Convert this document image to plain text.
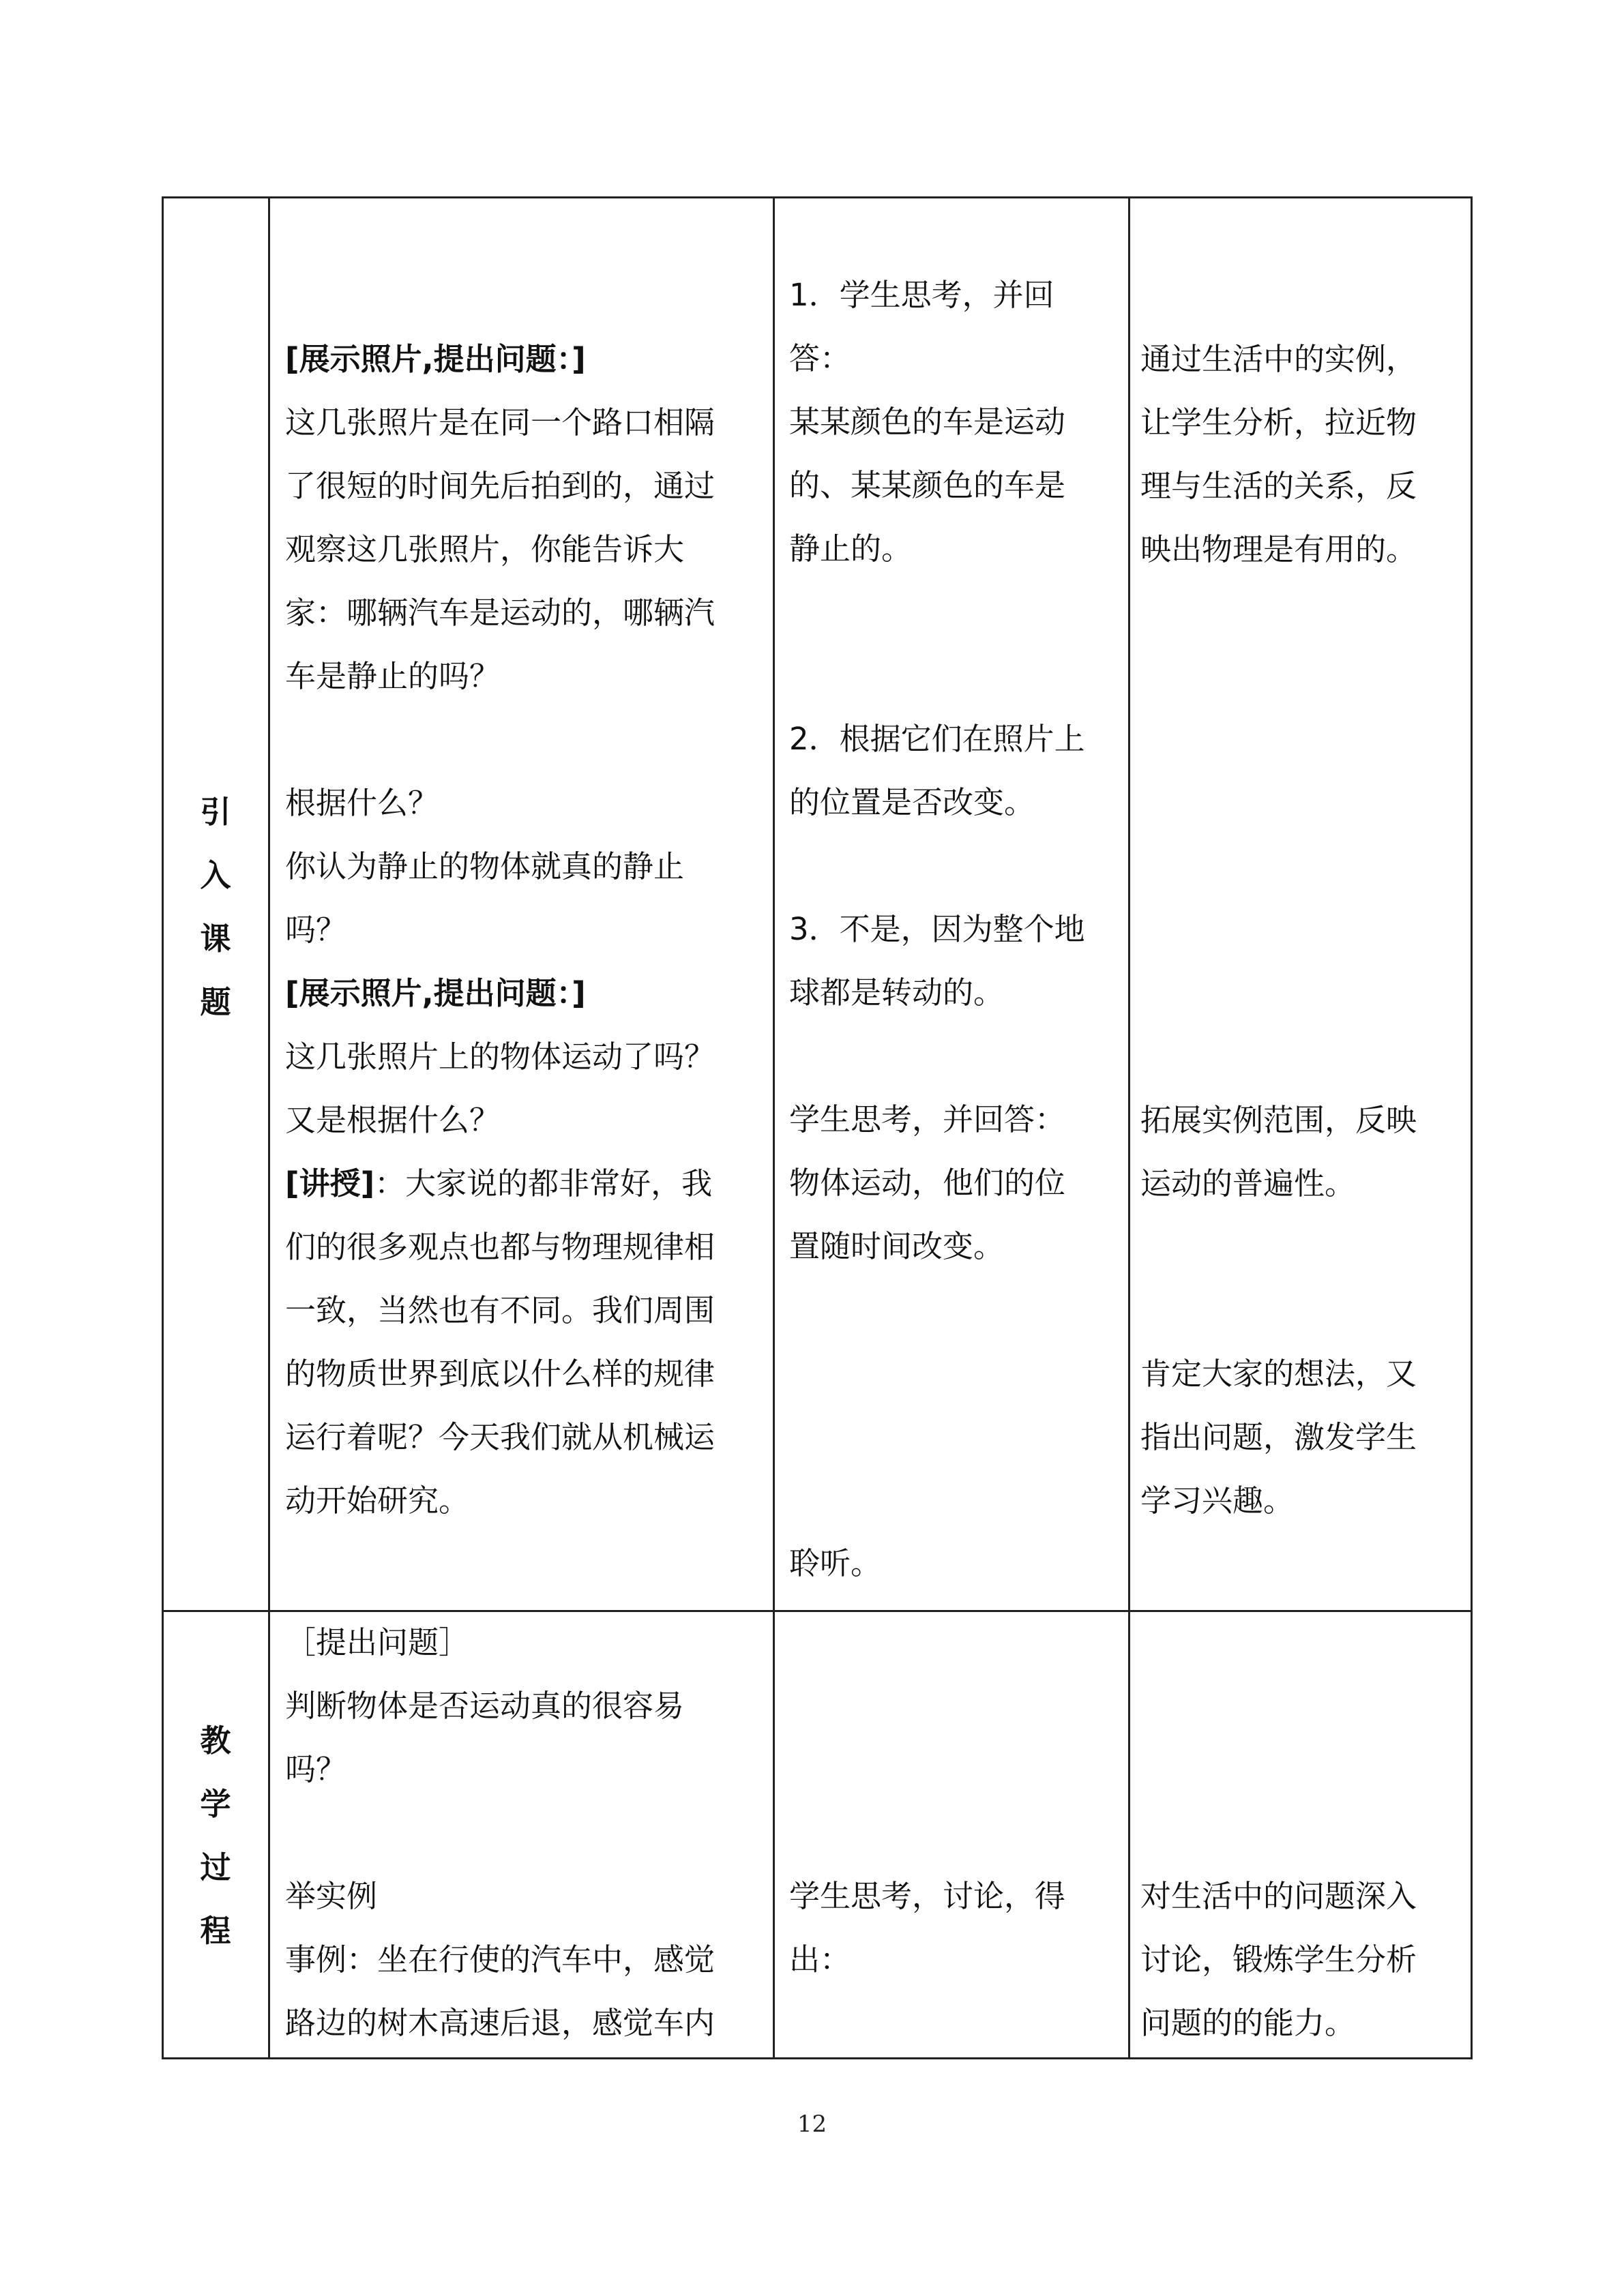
引
入
课
题

[展示照片,提出问题：]

这几张照片是在同一个路口相隔

了很短的时间先后拍到的，通过

观察这几张照片，你能告诉大

家：哪辆汽车是运动的，哪辆汽

车是静止的吗？

根据什么？

你认为静止的物体就真的静止

吗？

[展示照片,提出问题：]

这几张照片上的物体运动了吗？

又是根据什么？

[讲授]：大家说的都非常好，我

们的很多观点也都与物理规律相

一致，当然也有不同。我们周围

的物质世界到底以什么样的规律

运行着呢？今天我们就从机械运

动开始研究。

1．学生思考，并回

答：

某某颜色的车是运动

的、某某颜色的车是

静止的。

2．根据它们在照片上

的位置是否改变。

3．不是，因为整个地

球都是转动的。

学生思考，并回答：

物体运动，他们的位

置随时间改变。

聆听。

通过生活中的实例，

让学生分析，拉近物

理与生活的关系，反

映出物理是有用的。

拓展实例范围，反映

运动的普遍性。

肯定大家的想法，又

指出问题，激发学生

学习兴趣。

教
学
过
程

［提出问题］

判断物体是否运动真的很容易

吗？

举实例

事例：坐在行使的汽车中，感觉

路边的树木高速后退，感觉车内

学生思考，讨论，得

出：

对生活中的问题深入

讨论，锻炼学生分析

问题的的能力。

12
